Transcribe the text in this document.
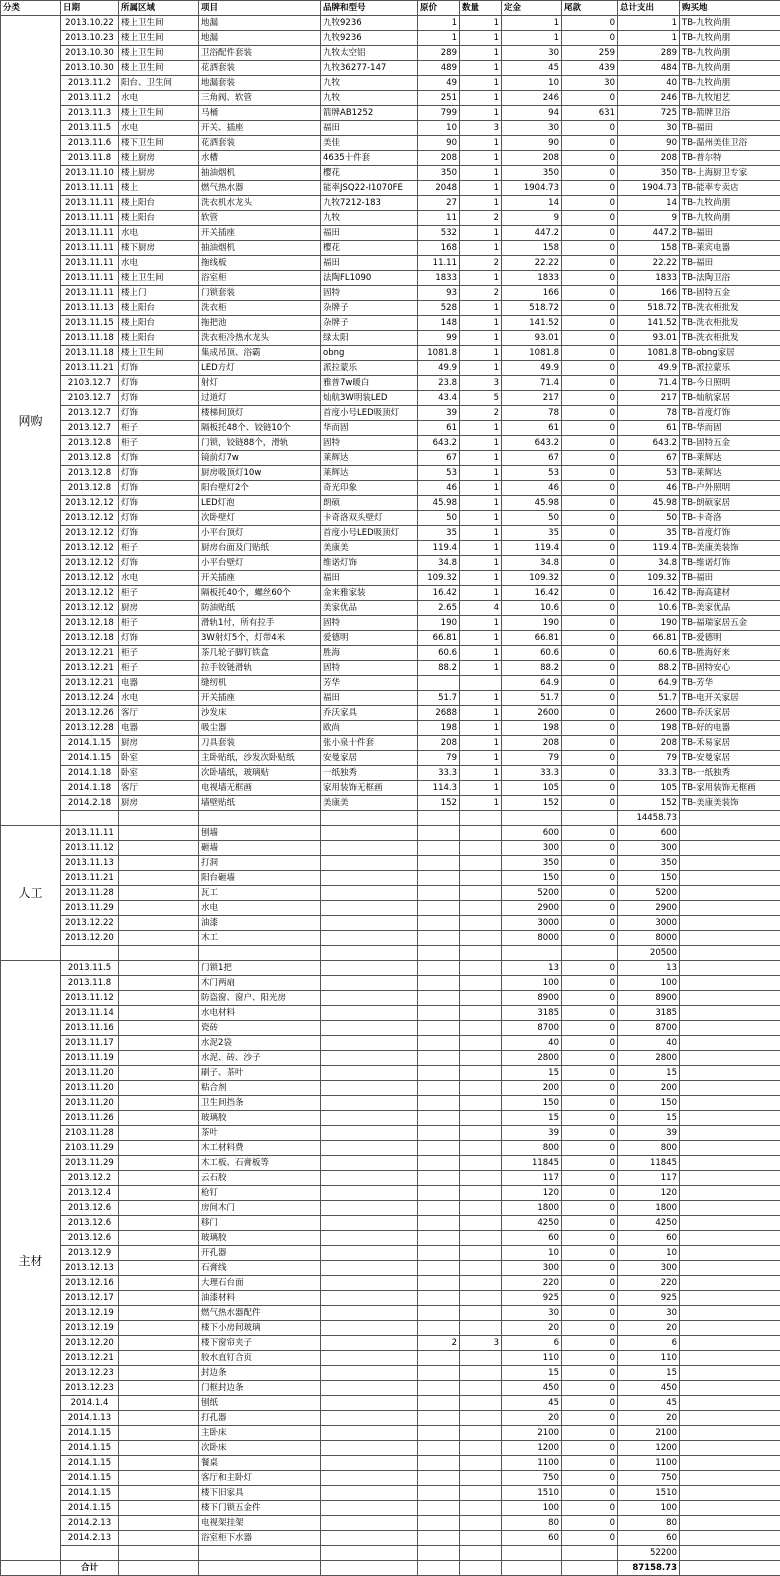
分类	日期	所属区域	项目	品牌和型号	原价	数量	定金	尾款	总计支出	购买地
网购	2013.10.22	楼上卫生间	地漏	九牧9236	1	1	1	0	1	TB-九牧尚朋
	2013.10.23	楼上卫生间	地漏	九牧9236	1	1	1	0	1	TB-九牧尚朋
	2013.10.30	楼上卫生间	卫浴配件套装	九牧太空铝	289	1	30	259	289	TB-九牧尚朋
	2013.10.30	楼上卫生间	花洒套装	九牧36277-147	489	1	45	439	484	TB-九牧尚朋
	2013.11.2	阳台、卫生间	地漏套装	九牧	49	1	10	30	40	TB-九牧尚朋
	2013.11.2	水电	三角阀、软管	九牧	251	1	246	0	246	TB-九牧旭艺
	2013.11.3	楼上卫生间	马桶	箭牌AB1252	799	1	94	631	725	TB-箭牌卫浴
	2013.11.5	水电	开关、插座	福田	10	3	30	0	30	TB-福田
	2013.11.6	楼下卫生间	花洒套装	美佳	90	1	90	0	90	TB-温州美佳卫浴
	2013.11.8	楼上厨房	水槽	4635十件套	208	1	208	0	208	TB-普尔特
	2013.11.10	楼上厨房	抽油烟机	樱花	350	1	350	0	350	TB-上海厨卫专家
	2013.11.11	楼上	燃气热水器	能率JSQ22-I1070FE	2048	1	1904.73	0	1904.73	TB-能率专卖店
	2013.11.11	楼上阳台	洗衣机水龙头	九牧7212-183	27	1	14	0	14	TB-九牧尚朋
	2013.11.11	楼上阳台	软管	九牧	11	2	9	0	9	TB-九牧尚朋
	2013.11.11	水电	开关插座	福田	532	1	447.2	0	447.2	TB-福田
	2013.11.11	楼下厨房	抽油烟机	樱花	168	1	158	0	158	TB-莱宾电器
	2013.11.11	水电	拖线板	福田	11.11	2	22.22	0	22.22	TB-福田
	2013.11.11	楼上卫生间	浴室柜	法陶FL1090	1833	1	1833	0	1833	TB-法陶卫浴
	2013.11.11	楼上门	门锁套装	固特	93	2	166	0	166	TB-固特五金
	2013.11.13	楼上阳台	洗衣柜	杂牌子	528	1	518.72	0	518.72	TB-洗衣柜批发
	2013.11.15	楼上阳台	拖把池	杂牌子	148	1	141.52	0	141.52	TB-洗衣柜批发
	2013.11.18	楼上阳台	洗衣柜冷热水龙头	绿太阳	99	1	93.01	0	93.01	TB-洗衣柜批发
	2013.11.18	楼上卫生间	集成吊顶、浴霸	obng	1081.8	1	1081.8	0	1081.8	TB-obng家居
	2013.11.21	灯饰	LED方灯	派拉蒙乐	49.9	1	49.9	0	49.9	TB-派拉蒙乐
	2103.12.7	灯饰	射灯	雅普7w暖白	23.8	3	71.4	0	71.4	TB-今日照明
	2103.12.7	灯饰	过道灯	灿航3W明装LED	43.4	5	217	0	217	TB-灿航家居
	2013.12.7	灯饰	楼梯间顶灯	首度小号LED吸顶灯	39	2	78	0	78	TB-首度灯饰
	2013.12.7	柜子	隔板托48个、铰链10个	华而固	61	1	61	0	61	TB-华而固
	2013.12.8	柜子	门锁，铰链88个，滑轨	固特	643.2	1	643.2	0	643.2	TB-固特五金
	2013.12.8	灯饰	镜前灯7w	莱辉达	67	1	67	0	67	TB-莱辉达
	2013.12.8	灯饰	厨房吸顶灯10w	莱辉达	53	1	53	0	53	TB-莱辉达
	2013.12.8	灯饰	阳台壁灯2个	奇光印象	46	1	46	0	46	TB-户外照明
	2013.12.12	灯饰	LED灯泡	朗硕	45.98	1	45.98	0	45.98	TB-朗硕家居
	2013.12.12	灯饰	次卧壁灯	卡奇洛双头壁灯	50	1	50	0	50	TB-卡奇洛
	2013.12.12	灯饰	小平台顶灯	首度小号LED吸顶灯	35	1	35	0	35	TB-首度灯饰
	2013.12.12	柜子	厨房台面及门贴纸	美康美	119.4	1	119.4	0	119.4	TB-美康美装饰
	2013.12.12	灯饰	小平台壁灯	维诺灯饰	34.8	1	34.8	0	34.8	TB-维诺灯饰
	2013.12.12	水电	开关插座	福田	109.32	1	109.32	0	109.32	TB-福田
	2013.12.12	柜子	隔板托40个，螺丝60个	金来雅家装	16.42	1	16.42	0	16.42	TB-海高建材
	2013.12.12	厨房	防油贴纸	美家优品	2.65	4	10.6	0	10.6	TB-美家优品
	2013.12.18	柜子	滑轨1付，所有拉手	固特	190	1	190	0	190	TB-福瑞家居五金
	2013.12.18	灯饰	3W射灯5个，灯带4米	爱德明	66.81	1	66.81	0	66.81	TB-爱德明
	2013.12.21	柜子	茶几轮子脚钉铁盒	胜海	60.6	1	60.6	0	60.6	TB-胜海好来
	2013.12.21	柜子	拉手铰链滑轨	固特	88.2	1	88.2	0	88.2	TB-固特安心
	2013.12.21	电器	缝纫机	芳华			64.9	0	64.9	TB-芳华
	2013.12.24	水电	开关插座	福田	51.7	1	51.7	0	51.7	TB-电开关家居
	2013.12.26	客厅	沙发床	乔沃家具	2688	1	2600	0	2600	TB-乔沃家居
	2013.12.28	电器	吸尘器	欧尚	198	1	198	0	198	TB-好的电器
	2014.1.15	厨房	刀具套装	张小泉十件套	208	1	208	0	208	TB-禾易家居
	2014.1.15	卧室	主卧贴纸，沙发次卧贴纸	安曼家居	79	1	79	0	79	TB-安曼家居
	2014.1.18	卧室	次卧墙纸，玻璃贴	一纸独秀	33.3	1	33.3	0	33.3	TB-一纸独秀
	2014.1.18	客厅	电视墙无框画	家用装饰无框画	114.3	1	105	0	105	TB-家用装饰无框画
	2014.2.18	厨房	墙壁贴纸	美康美	152	1	152	0	152	TB-美康美装饰
									14458.73	
人工	2013.11.11		刨墙				600	0	600	
	2013.11.12		砸墙				300	0	300	
	2013.11.13		打洞				350	0	350	
	2013.11.21		阳台砸墙				150	0	150	
	2013.11.28		瓦工				5200	0	5200	
	2013.11.29		水电				2900	0	2900	
	2013.12.22		油漆				3000	0	3000	
	2013.12.20		木工				8000	0	8000	
									20500	
主材	2013.11.5		门锁1把				13	0	13	
	2013.11.8		木门两扇				100	0	100	
	2013.11.12		防盗窗、窗户、阳光房				8900	0	8900	
	2013.11.14		水电材料				3185	0	3185	
	2013.11.16		瓷砖				8700	0	8700	
	2013.11.17		水泥2袋				40	0	40	
	2013.11.19		水泥、砖、沙子				2800	0	2800	
	2013.11.20		刷子、茶叶				15	0	15	
	2013.11.20		粘合剂				200	0	200	
	2013.11.20		卫生间挡条				150	0	150	
	2013.11.26		玻璃胶				15	0	15	
	2103.11.28		茶叶				39	0	39	
	2103.11.29		木工材料费				800	0	800	
	2013.11.29		木工板、石膏板等				11845	0	11845	
	2013.12.2		云石胶				117	0	117	
	2013.12.4		枪钉				120	0	120	
	2013.12.6		房间木门				1800	0	1800	
	2013.12.6		移门				4250	0	4250	
	2013.12.6		玻璃胶				60	0	60	
	2013.12.9		开孔器				10	0	10	
	2013.12.13		石膏线				300	0	300	
	2013.12.16		大理石台面				220	0	220	
	2013.12.17		油漆材料				925	0	925	
	2013.12.19		燃气热水器配件				30	0	30	
	2013.12.19		楼下小房间玻璃				20	0	20	
	2013.12.20		楼下窗帘夹子		2	3	6	0	6	
	2013.12.21		胶水直钉合页				110	0	110	
	2013.12.23		封边条				15	0	15	
	2013.12.23		门框封边条				450	0	450	
	2014.1.4		刨纸				45	0	45	
	2014.1.13		打孔器				20	0	20	
	2014.1.15		主卧床				2100	0	2100	
	2014.1.15		次卧床				1200	0	1200	
	2014.1.15		餐桌				1100	0	1100	
	2014.1.15		客厅和主卧灯				750	0	750	
	2014.1.15		楼下旧家具				1510	0	1510	
	2014.1.15		楼下门锁五金件				100	0	100	
	2014.2.13		电视架挂架				80	0	80	
	2014.2.13		浴室柜下水器				60	0	60	
									52200	
	合计								87158.73	
